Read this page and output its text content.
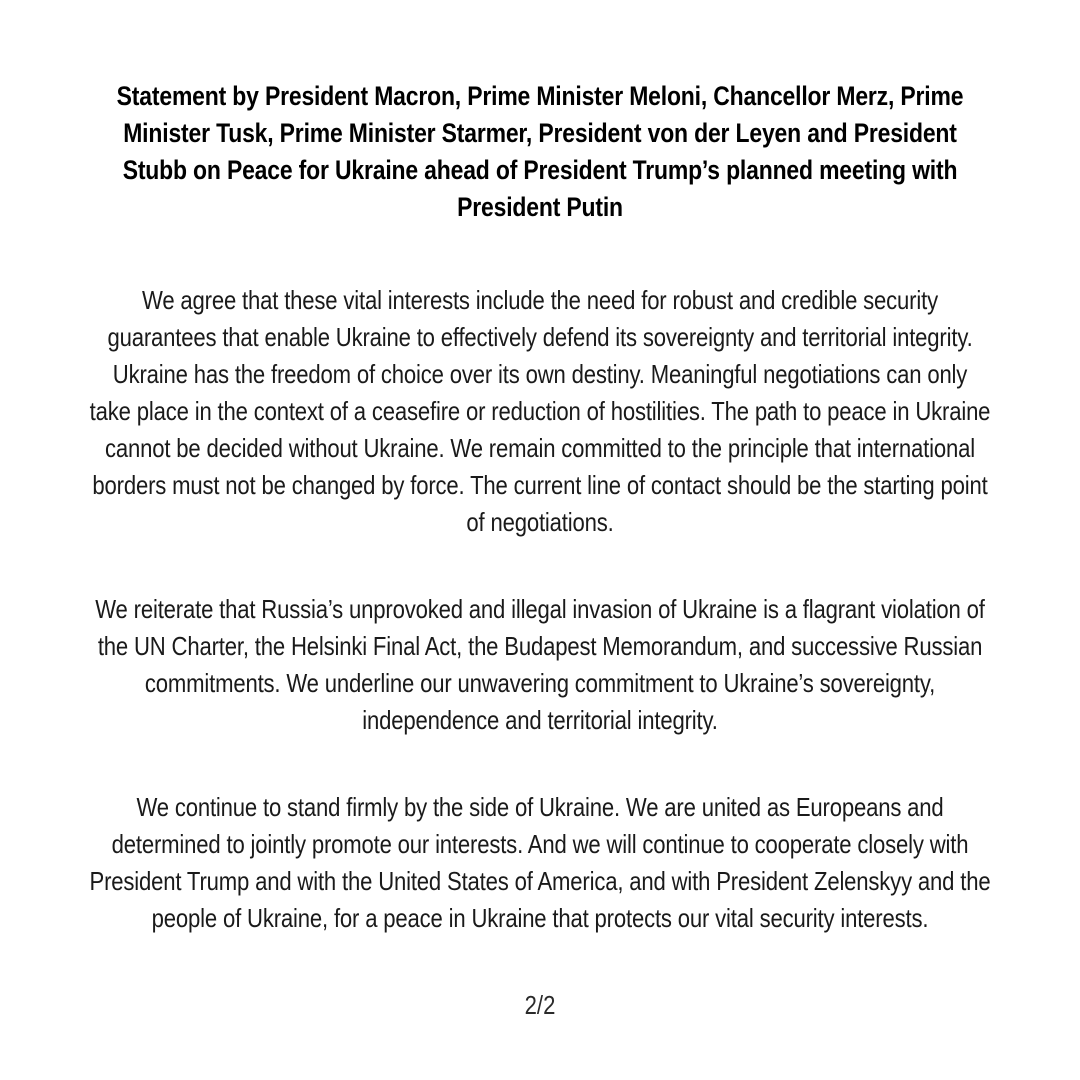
Statement by President Macron, Prime Minister Meloni, Chancellor Merz, Prime Minister Tusk, Prime Minister Starmer, President von der Leyen and President Stubb on Peace for Ukraine ahead of President Trump’s planned meeting with President Putin

We agree that these vital interests include the need for robust and credible security guarantees that enable Ukraine to effectively defend its sovereignty and territorial integrity. Ukraine has the freedom of choice over its own destiny. Meaningful negotiations can only take place in the context of a ceasefire or reduction of hostilities. The path to peace in Ukraine cannot be decided without Ukraine. We remain committed to the principle that international borders must not be changed by force. The current line of contact should be the starting point of negotiations.

We reiterate that Russia’s unprovoked and illegal invasion of Ukraine is a flagrant violation of the UN Charter, the Helsinki Final Act, the Budapest Memorandum, and successive Russian commitments. We underline our unwavering commitment to Ukraine’s sovereignty, independence and territorial integrity.

We continue to stand firmly by the side of Ukraine. We are united as Europeans and determined to jointly promote our interests. And we will continue to cooperate closely with President Trump and with the United States of America, and with President Zelenskyy and the people of Ukraine, for a peace in Ukraine that protects our vital security interests.

2/2
